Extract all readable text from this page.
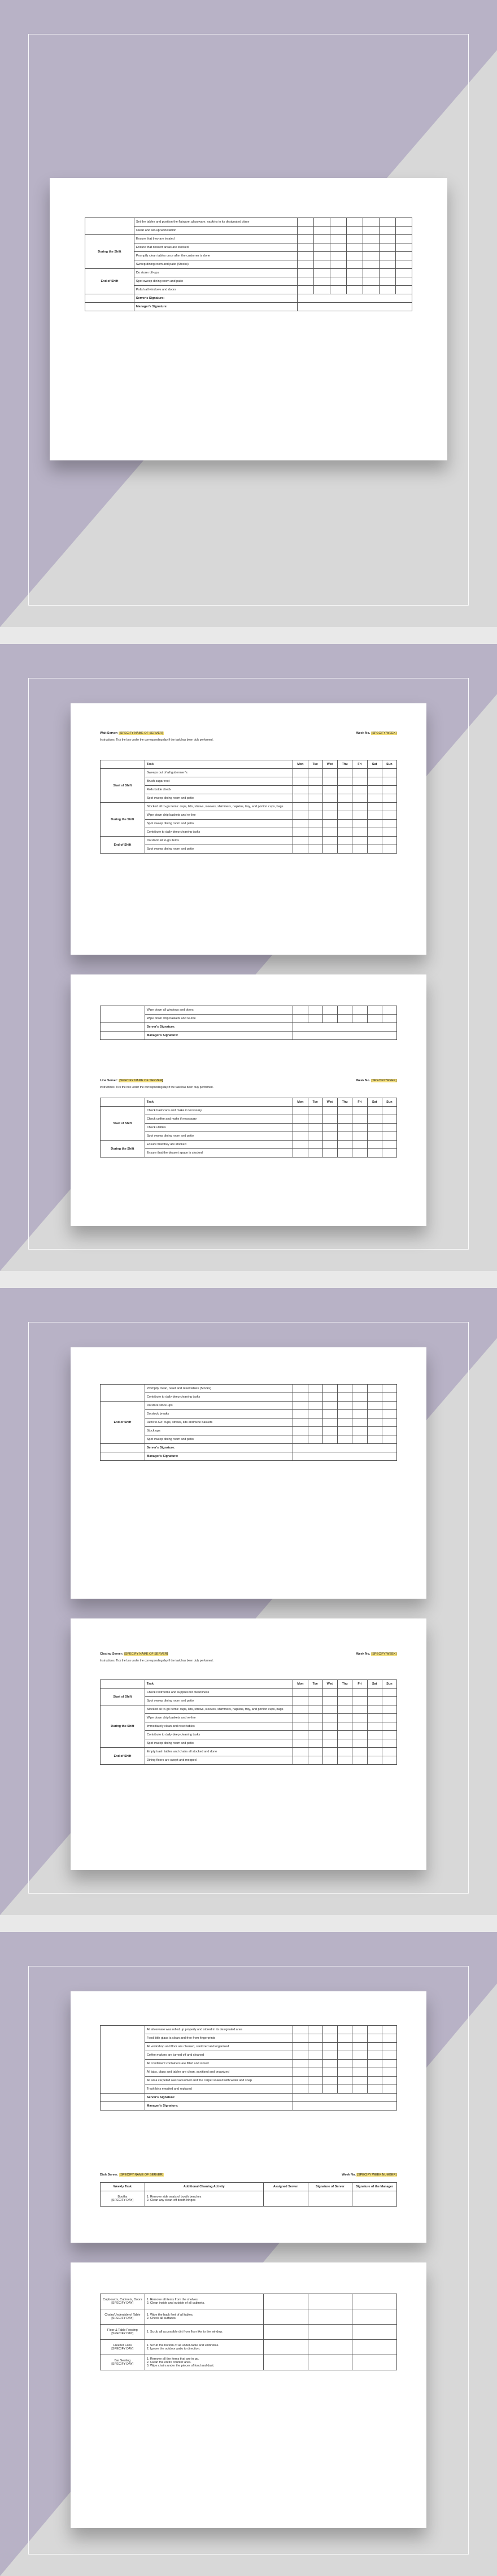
	Set the tables and position the flatware, glassware, napkins in its designated place							
	Clean and set-up workstation							
During the Shift	Ensure that they are treated							
	Ensure that dessert areas are stocked							
	Promptly clean tables once after the customer is done							
	Sweep dining room and patio (Stocks)							
End of Shift	Do store roll-ups							
	Spot sweep dining room and patio							
	Polish all windows and doors							
	Server's Signature:							
	Manager's Signature:							
Wait Server: [SPECIFY NAME OF SERVER]	Week No. [SPECIFY WEEK]
Instructions: Tick the box under the corresponding day if the task has been duly performed.
	Task	Mon	Tue	Wed	Thu	Fri	Sat	Sun
Start of Shift	Sweeps out of all guttermen's							
	Brush sugar rest							
	Rolls bottle check							
	Spot sweep dining room and patio							
During the Shift	Stocked all to-go items: cups, lids, straws, sleeves, shimmers, napkins, tray, and portion cups, bags							
	Wipe down chip baskets and re-line							
	Spot sweep dining room and patio							
	Contribute to daily deep cleaning tasks							
End of Shift	Do stock all to-go items							
	Spot sweep dining room and patio							
	Wipe down all windows and doors							
	Wipe down chip baskets and re-line							
	Server's Signature:							
	Manager's Signature:							
Line Server: [SPECIFY NAME OF SERVER]	Week No. [SPECIFY WEEK]
Instructions: Tick the box under the corresponding day if the task has been duly performed.
	Task	Mon	Tue	Wed	Thu	Fri	Sat	Sun
Start of Shift	Check trashcans and make it necessary							
	Check coffee and make if necessary							
	Check utilities							
	Spot sweep dining room and patio							
During the Shift	Ensure that they are stocked							
	Ensure that the dessert space is stocked							
	Promptly clean, reset and reset tables (Stocks)							
	Contribute to daily deep cleaning tasks							
End of Shift	Do store stock-ups							
	Do stock breaks							
	Refill to-Go: cups, straws, lids and wine baskets							
	Stock ups							
	Spot sweep dining room and patio							
	Server's Signature:							
	Manager's Signature:							
Closing Server: [SPECIFY NAME OF SERVER]	Week No. [SPECIFY WEEK]
Instructions: Tick the box under the corresponding day if the task has been duly performed.
	Task	Mon	Tue	Wed	Thu	Fri	Sat	Sun
Start of Shift	Check restrooms and supplies for cleanliness							
	Spot sweep dining room and patio							
During the Shift	Stocked all to-go items: cups, lids, straws, sleeves, shimmers, napkins, tray, and portion cups, bags							
	Wipe down chip baskets and re-line							
	Immediately clean and reset tables							
	Contribute to daily deep cleaning tasks							
	Spot sweep dining room and patio							
End of Shift	Empty trash tables and chairs all stocked and done							
	Dining floors are swept and mopped							
	All silverware was rolled up properly and stored in its designated area							
	Food little glass is clean and free from fingerprints							
	All workshop and floor are cleaned, sanitized and organized							
	Coffee makers are turned off and cleaned							
	All condiment containers are filled and stored							
	All tabs, glass and tables are clean, sanitized and organized							
	All area carpeted was vacuumed and the carpet soaked with water and soap							
	Trash bins emptied and replaced							
	Server's Signature:							
	Manager's Signature:							
Dish Server: [SPECIFY NAME OF SERVER]	Week No. [SPECIFY WEEK NUMBER]
Weekly Task	Additional Cleaning Activity	Assigned Server	Signature of Server	Signature of the Manager
Booths
[SPECIFY DAY]	1. Remove side seats of booth benches
2. Clean any clean-off booth hinges			
Cupboards, Cabinets, Doors
[SPECIFY DAY]	1. Remove all items from the shelves.
2. Clean inside and outside of all cabinets.			
Chairs/Underside of Table
[SPECIFY DAY]	1. Wipe the back feet of all tables.
2. Check all surfaces.			
Floor & Table Frosting
[SPECIFY DAY]	1. Scrub all accessible dirt from floor like to the window.			
Freezer Fans
[SPECIFY DAY]	1. Scrub the bottom of all under-table and umbrellas.
2. Ignore the outdoor patio to direction.			
Bar Seating
[SPECIFY DAY]	1. Remove all the items that are in go.
2. Clean the entire counter area.
3. Wipe chairs under the pieces of food and dust.			
